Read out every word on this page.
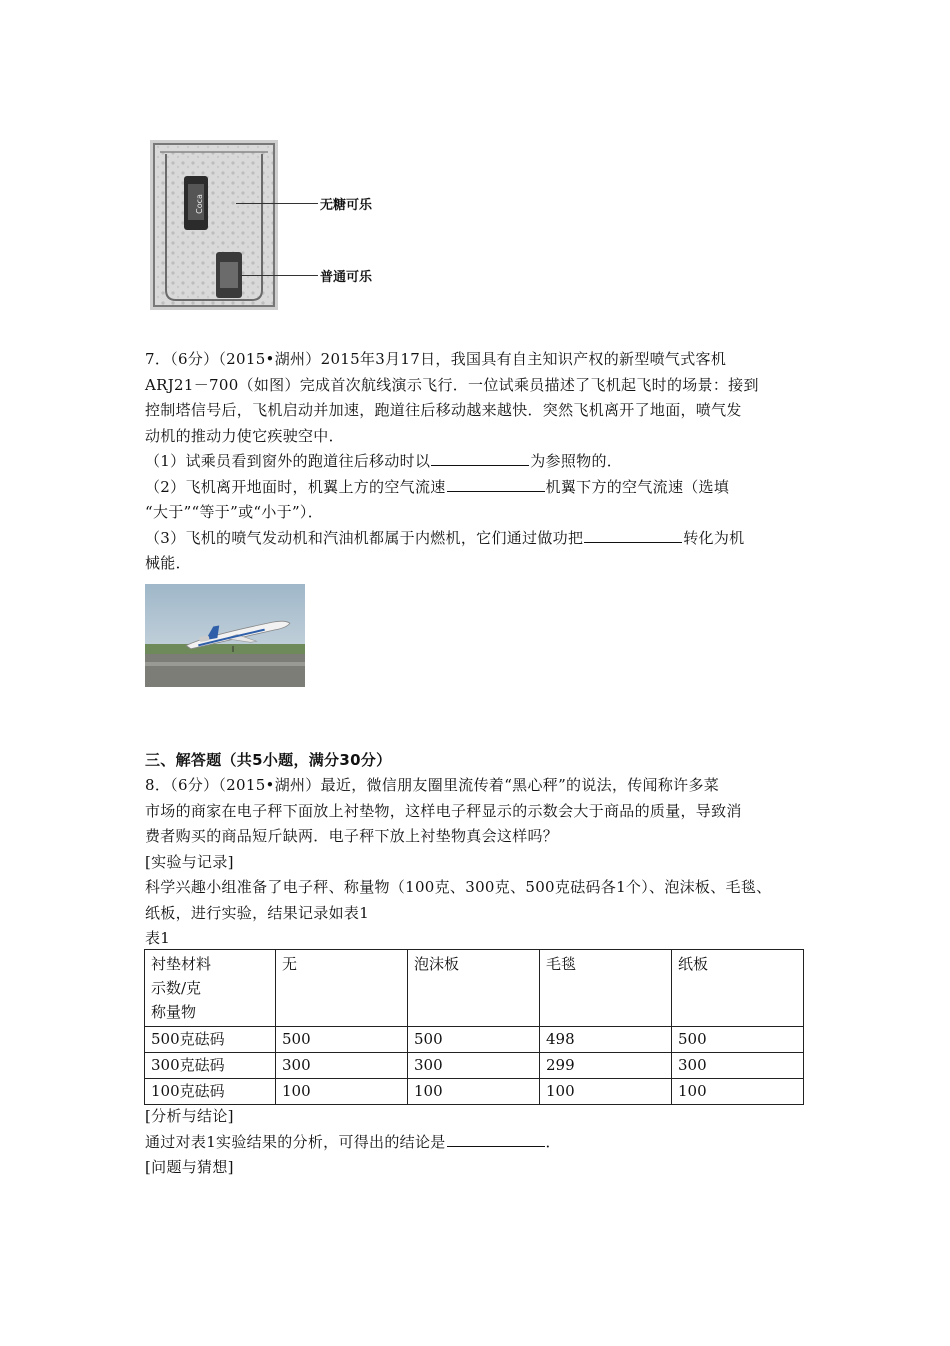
Coca	无糖可乐
普通可乐
7．（6分）（2015•湖州）2015年3月17日，我国具有自主知识产权的新型喷气式客机
ARJ21－700（如图）完成首次航线演示飞行．一位试乘员描述了飞机起飞时的场景：接到
控制塔信号后，飞机启动并加速，跑道往后移动越来越快．突然飞机离开了地面，喷气发
动机的推动力使它疾驶空中．
（1）试乘员看到窗外的跑道往后移动时以	为参照物的．
（2）飞机离开地面时，机翼上方的空气流速	机翼下方的空气流速（选填
“大于”“等于”或“小于”）．
（3）飞机的喷气发动机和汽油机都属于内燃机，它们通过做功把	转化为机
械能．
三、解答题（共5小题，满分30分）
8．（6分）（2015•湖州）最近，微信朋友圈里流传着“黑心秤”的说法，传闻称许多菜
市场的商家在电子秤下面放上衬垫物，这样电子秤显示的示数会大于商品的质量，导致消
费者购买的商品短斤缺两．电子秤下放上衬垫物真会这样吗？
[实验与记录]
科学兴趣小组准备了电子秤、称量物（100克、300克、500克砝码各1个）、泡沫板、毛毯、
纸板，进行实验，结果记录如表1
表1
衬垫材料
示数/克
称量物	无	泡沫板	毛毯	纸板
500克砝码	500	500	498	500
300克砝码	300	300	299	300
100克砝码	100	100	100	100
[分析与结论]
通过对表1实验结果的分析，可得出的结论是	．
[问题与猜想]
